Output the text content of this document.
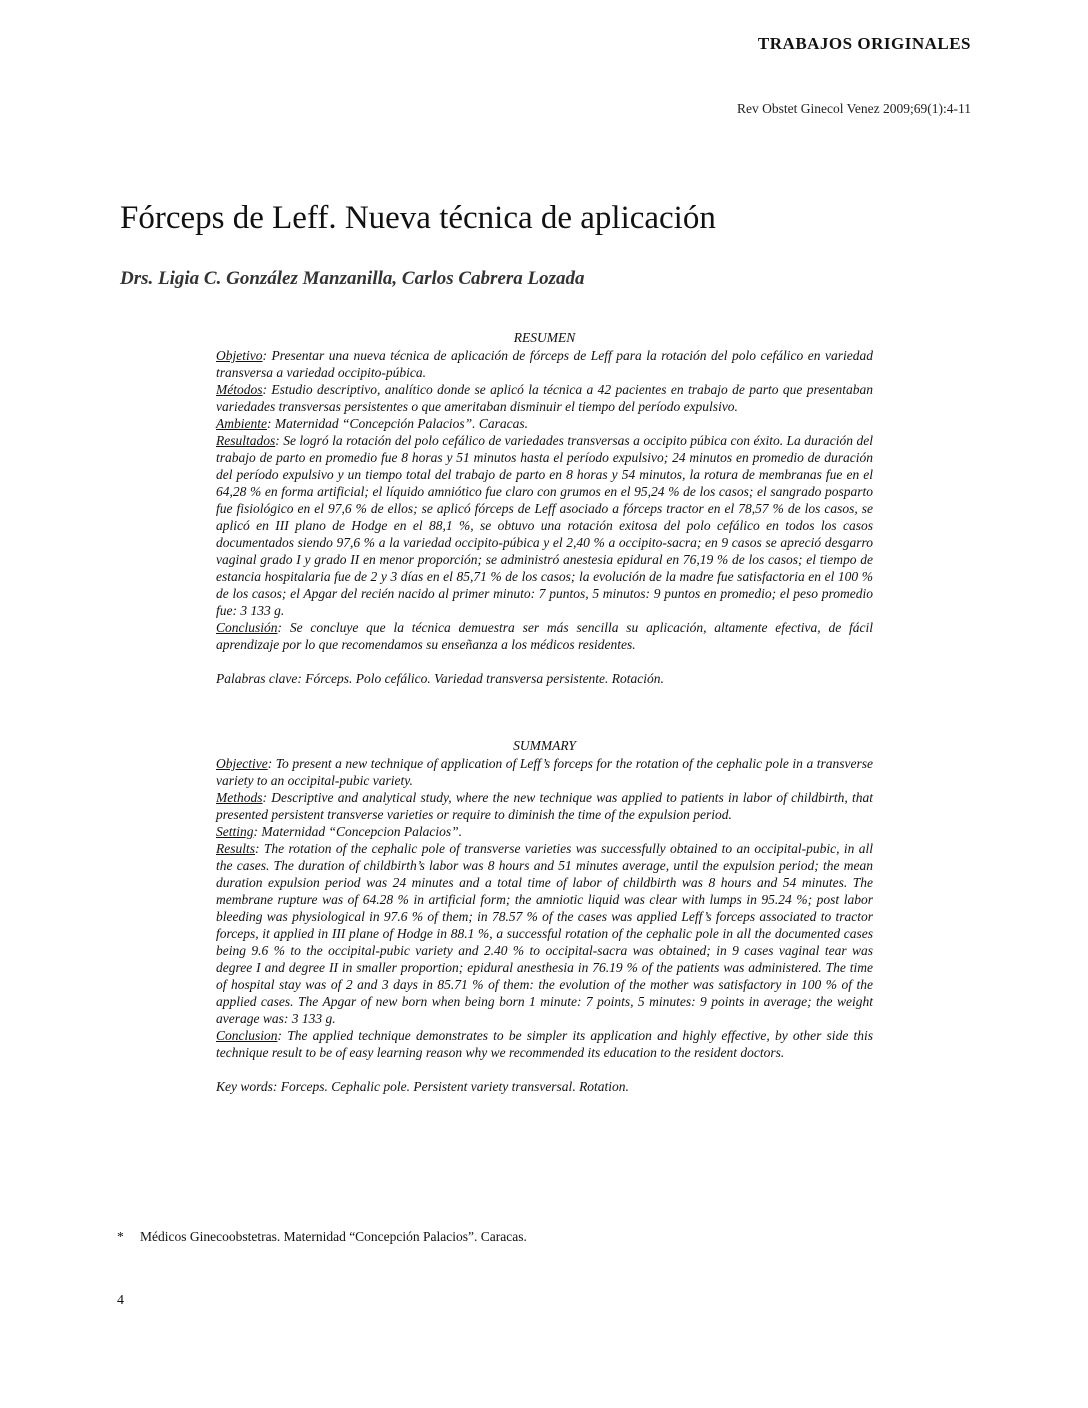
TRABAJOS ORIGINALES
Rev Obstet Ginecol Venez 2009;69(1):4-11
Fórceps de Leff. Nueva técnica de aplicación
Drs. Ligia C. González Manzanilla, Carlos Cabrera Lozada
RESUMEN

Objetivo: Presentar una nueva técnica de aplicación de fórceps de Leff para la rotación del polo cefálico en variedad transversa a variedad occipito-púbica.

Métodos: Estudio descriptivo, analítico donde se aplicó la técnica a 42 pacientes en trabajo de parto que presentaban variedades transversas persistentes o que ameritaban disminuir el tiempo del período expulsivo.

Ambiente: Maternidad “Concepción Palacios”. Caracas.

Resultados: Se logró la rotación del polo cefálico de variedades transversas a occipito púbica con éxito. La duración del trabajo de parto en promedio fue 8 horas y 51 minutos hasta el período expulsivo; 24 minutos en promedio de duración del período expulsivo y un tiempo total del trabajo de parto en 8 horas y 54 minutos, la rotura de membranas fue en el 64,28 % en forma artificial; el líquido amniótico fue claro con grumos en el 95,24 % de los casos; el sangrado posparto fue fisiológico en el 97,6 % de ellos; se aplicó fórceps de Leff asociado a fórceps tractor en el 78,57 % de los casos, se aplicó en III plano de Hodge en el 88,1 %, se obtuvo una rotación exitosa del polo cefálico en todos los casos documentados siendo 97,6 % a la variedad occipito-púbica y el 2,40 % a occipito-sacra; en 9 casos se apreció desgarro vaginal grado I y grado II en menor proporción; se administró anestesia epidural en 76,19 % de los casos; el tiempo de estancia hospitalaria fue de 2 y 3 días en el 85,71 % de los casos; la evolución de la madre fue satisfactoria en el 100 % de los casos; el Apgar del recién nacido al primer minuto: 7 puntos, 5 minutos: 9 puntos en promedio; el peso promedio fue: 3 133 g.

Conclusión: Se concluye que la técnica demuestra ser más sencilla su aplicación, altamente efectiva, de fácil aprendizaje por lo que recomendamos su enseñanza a los médicos residentes.

Palabras clave: Fórceps. Polo cefálico. Variedad transversa persistente. Rotación.

SUMMARY

Objective: To present a new technique of application of Leff’s forceps for the rotation of the cephalic pole in a transverse variety to an occipital-pubic variety.

Methods: Descriptive and analytical study, where the new technique was applied to patients in labor of childbirth, that presented persistent transverse varieties or require to diminish the time of the expulsion period.

Setting: Maternidad “Concepcion Palacios”.

Results: The rotation of the cephalic pole of transverse varieties was successfully obtained to an occipital-pubic, in all the cases. The duration of childbirth’s labor was 8 hours and 51 minutes average, until the expulsion period; the mean duration expulsion period was 24 minutes and a total time of labor of childbirth was 8 hours and 54 minutes. The membrane rupture was of 64.28 % in artificial form; the amniotic liquid was clear with lumps in 95.24 %; post labor bleeding was physiological in 97.6 % of them; in 78.57 % of the cases was applied Leff’s forceps associated to tractor forceps, it applied in III plane of Hodge in 88.1 %, a successful rotation of the cephalic pole in all the documented cases being 9.6 % to the occipital-pubic variety and 2.40 % to occipital-sacra was obtained; in 9 cases vaginal tear was degree I and degree II in smaller proportion; epidural anesthesia in 76.19 % of the patients was administered. The time of hospital stay was of 2 and 3 days in 85.71 % of them: the evolution of the mother was satisfactory in 100 % of the applied cases. The Apgar of new born when being born 1 minute: 7 points, 5 minutes: 9 points in average; the weight average was: 3 133 g.

Conclusion: The applied technique demonstrates to be simpler its application and highly effective, by other side this technique result to be of easy learning reason why we recommended its education to the resident doctors.

Key words: Forceps. Cephalic pole. Persistent variety transversal. Rotation.

* Médicos Ginecoobstetras. Maternidad “Concepción Palacios”. Caracas.
4
